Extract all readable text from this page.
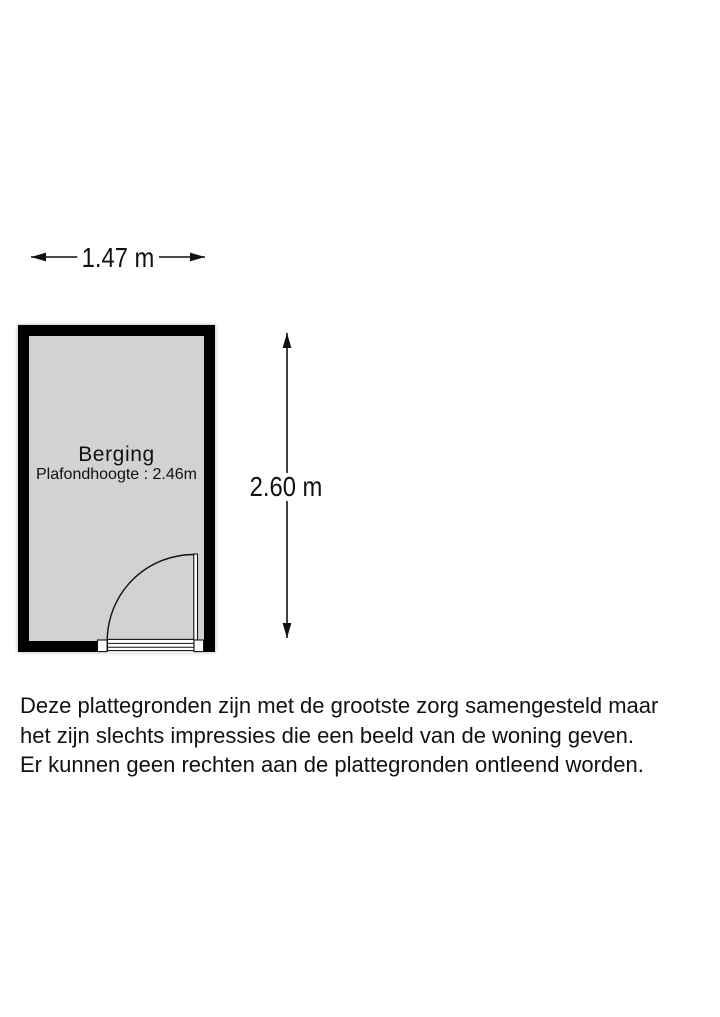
1.47 m
2.60 m
Berging
Plafondhoogte : 2.46m
Deze plattegronden zijn met de grootste zorg samengesteld maar
het zijn slechts impressies die een beeld van de woning geven.
Er kunnen geen rechten aan de plattegronden ontleend worden.
